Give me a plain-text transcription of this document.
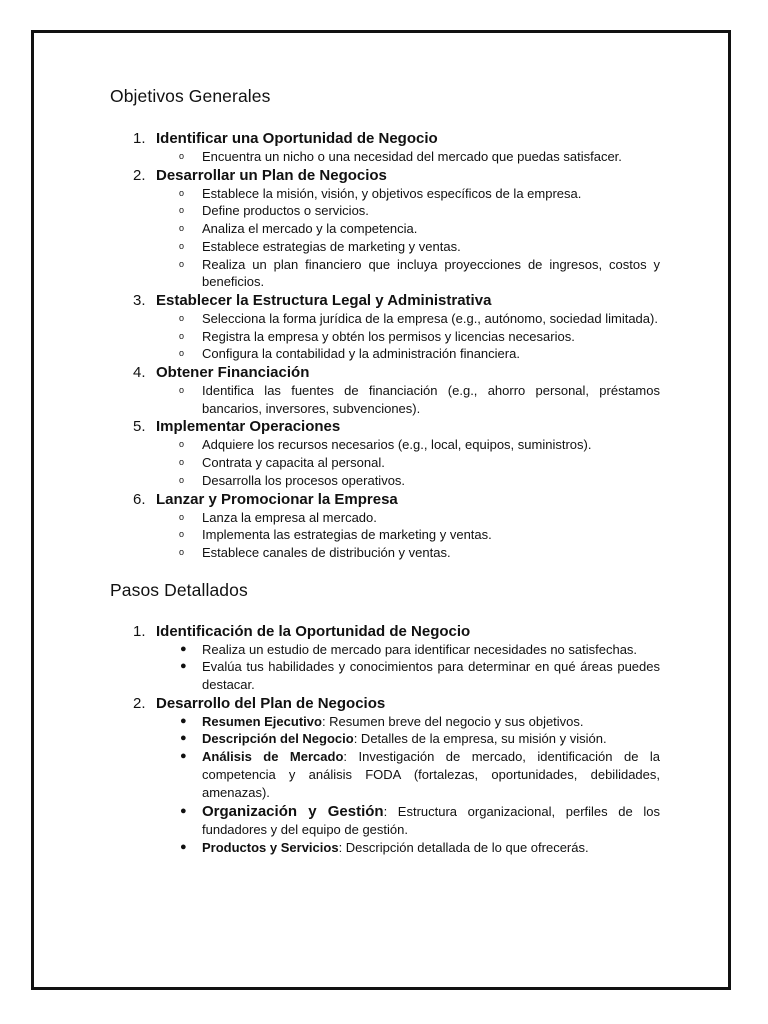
Objetivos Generales
1. Identificar una Oportunidad de Negocio
o Encuentra un nicho o una necesidad del mercado que puedas satisfacer.
2. Desarrollar un Plan de Negocios
o Establece la misión, visión, y objetivos específicos de la empresa.
o Define productos o servicios.
o Analiza el mercado y la competencia.
o Establece estrategias de marketing y ventas.
o Realiza un plan financiero que incluya proyecciones de ingresos, costos y beneficios.
3. Establecer la Estructura Legal y Administrativa
o Selecciona la forma jurídica de la empresa (e.g., autónomo, sociedad limitada).
o Registra la empresa y obtén los permisos y licencias necesarios.
o Configura la contabilidad y la administración financiera.
4. Obtener Financiación
o Identifica las fuentes de financiación (e.g., ahorro personal, préstamos bancarios, inversores, subvenciones).
5. Implementar Operaciones
o Adquiere los recursos necesarios (e.g., local, equipos, suministros).
o Contrata y capacita al personal.
o Desarrolla los procesos operativos.
6. Lanzar y Promocionar la Empresa
o Lanza la empresa al mercado.
o Implementa las estrategias de marketing y ventas.
o Establece canales de distribución y ventas.
Pasos Detallados
1. Identificación de la Oportunidad de Negocio
● Realiza un estudio de mercado para identificar necesidades no satisfechas.
● Evalúa tus habilidades y conocimientos para determinar en qué áreas puedes destacar.
2. Desarrollo del Plan de Negocios
● Resumen Ejecutivo: Resumen breve del negocio y sus objetivos.
● Descripción del Negocio: Detalles de la empresa, su misión y visión.
● Análisis de Mercado: Investigación de mercado, identificación de la competencia y análisis FODA (fortalezas, oportunidades, debilidades, amenazas).
● Organización y Gestión: Estructura organizacional, perfiles de los fundadores y del equipo de gestión.
● Productos y Servicios: Descripción detallada de lo que ofrecerás.
